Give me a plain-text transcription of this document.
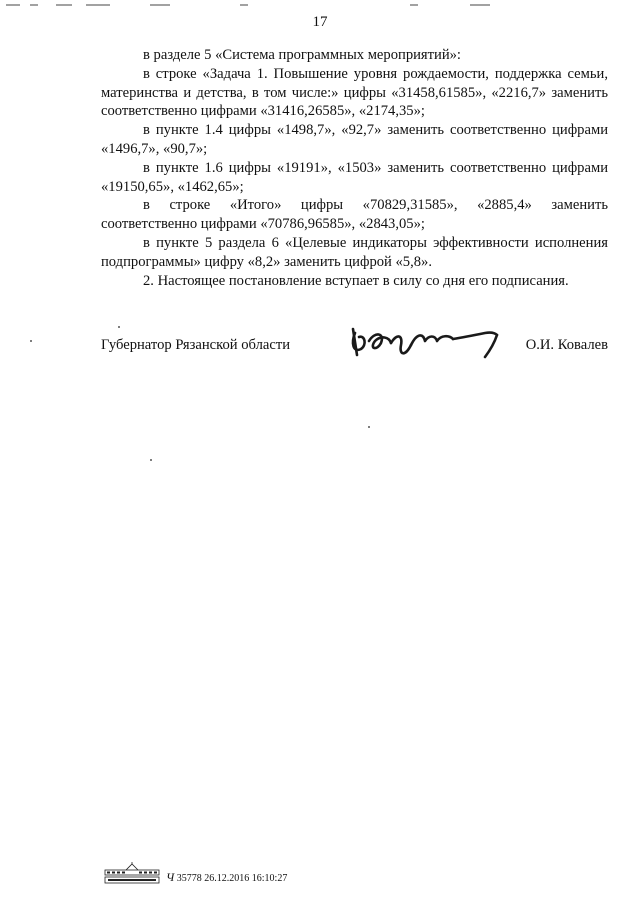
17

в разделе 5 «Система программных мероприятий»:

в строке «Задача 1. Повышение уровня рождаемости, поддержка семьи, материнства и детства, в том числе:» цифры «31458,61585», «2216,7» заменить соответственно цифрами «31416,26585», «2174,35»;

в пункте 1.4 цифры «1498,7», «92,7» заменить соответственно цифрами «1496,7», «90,7»;

в пункте 1.6 цифры «19191», «1503» заменить соответственно цифрами «19150,65», «1462,65»;

в строке «Итого» цифры «70829,31585», «2885,4» заменить соответственно цифрами «70786,96585», «2843,05»;

в пункте 5 раздела 6 «Целевые индикаторы эффективности исполнения подпрограммы» цифру «8,2» заменить цифрой «5,8».

2. Настоящее постановление вступает в силу со дня его подписания.

Губернатор Рязанской области	О.И. Ковалев
Ч 35778 26.12.2016 16:10:27
